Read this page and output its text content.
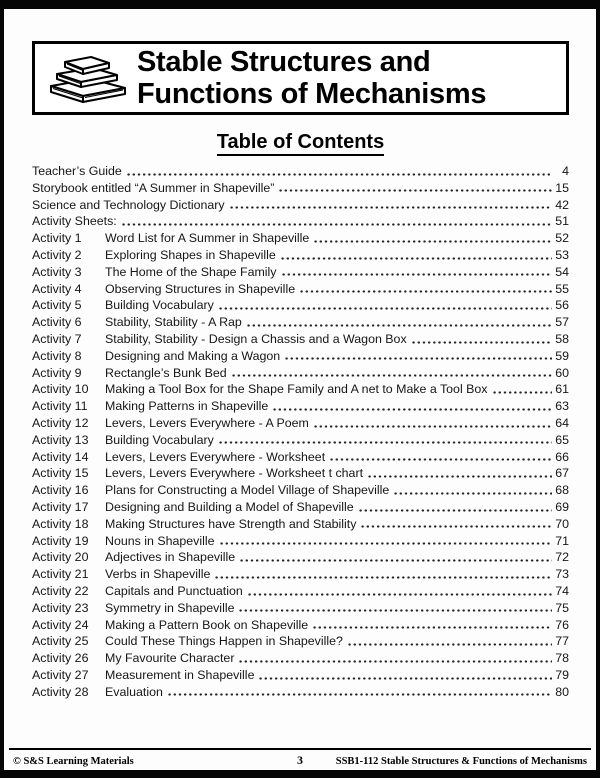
Stable Structures and
Functions of Mechanisms
Table of Contents
Teacher’s Guide	4
Storybook entitled “A Summer in Shapeville”	15
Science and Technology Dictionary	42
Activity Sheets:	51
Activity 1	Word List for A Summer in Shapeville	52
Activity 2	Exploring Shapes in Shapeville	53
Activity 3	The Home of the Shape Family	54
Activity 4	Observing Structures in Shapeville	55
Activity 5	Building Vocabulary	56
Activity 6	Stability, Stability - A Rap	57
Activity 7	Stability, Stability - Design a Chassis and a Wagon Box	58
Activity 8	Designing and Making a Wagon	59
Activity 9	Rectangle’s Bunk Bed	60
Activity 10	Making a Tool Box for the Shape Family and A net to Make a Tool Box	61
Activity 11	Making Patterns in Shapeville	63
Activity 12	Levers, Levers Everywhere - A Poem	64
Activity 13	Building Vocabulary	65
Activity 14	Levers, Levers Everywhere - Worksheet	66
Activity 15	Levers, Levers Everywhere - Worksheet t chart	67
Activity 16	Plans for Constructing a Model Village of Shapeville	68
Activity 17	Designing and Building a Model of Shapeville	69
Activity 18	Making Structures have Strength and Stability	70
Activity 19	Nouns in Shapeville	71
Activity 20	Adjectives in Shapeville	72
Activity 21	Verbs in Shapeville	73
Activity 22	Capitals and Punctuation	74
Activity 23	Symmetry in Shapeville	75
Activity 24	Making a Pattern Book on Shapeville	76
Activity 25	Could These Things Happen in Shapeville?	77
Activity 26	My Favourite Character	78
Activity 27	Measurement in Shapeville	79
Activity 28	Evaluation	80
© S&S Learning Materials	3	SSB1-112 Stable Structures & Functions of Mechanisms
